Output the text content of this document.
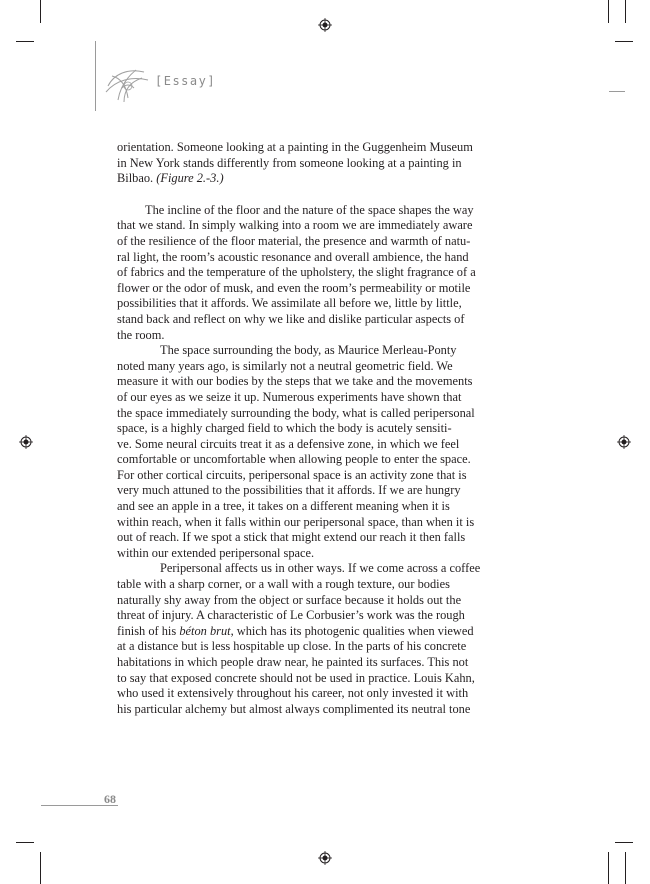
[Essay]
orientation. Someone looking at a painting in the Guggenheim Museum
in New York stands differently from someone looking at a painting in
Bilbao. (Figure 2.-3.)
The incline of the floor and the nature of the space shapes the way
that we stand. In simply walking into a room we are immediately aware
of the resilience of the floor material, the presence and warmth of natu-
ral light, the room’s acoustic resonance and overall ambience, the hand
of fabrics and the temperature of the upholstery, the slight fragrance of a
flower or the odor of musk, and even the room’s permeability or motile
possibilities that it affords. We assimilate all before we, little by little,
stand back and reflect on why we like and dislike particular aspects of
the room.
The space surrounding the body, as Maurice Merleau-Ponty
noted many years ago, is similarly not a neutral geometric field. We
measure it with our bodies by the steps that we take and the movements
of our eyes as we seize it up. Numerous experiments have shown that
the space immediately surrounding the body, what is called peripersonal
space, is a highly charged field to which the body is acutely sensiti-
ve. Some neural circuits treat it as a defensive zone, in which we feel
comfortable or uncomfortable when allowing people to enter the space.
For other cortical circuits, peripersonal space is an activity zone that is
very much attuned to the possibilities that it affords. If we are hungry
and see an apple in a tree, it takes on a different meaning when it is
within reach, when it falls within our peripersonal space, than when it is
out of reach. If we spot a stick that might extend our reach it then falls
within our extended peripersonal space.
Peripersonal affects us in other ways. If we come across a coffee
table with a sharp corner, or a wall with a rough texture, our bodies
naturally shy away from the object or surface because it holds out the
threat of injury. A characteristic of Le Corbusier’s work was the rough
finish of his béton brut, which has its photogenic qualities when viewed
at a distance but is less hospitable up close. In the parts of his concrete
habitations in which people draw near, he painted its surfaces. This not
to say that exposed concrete should not be used in practice. Louis Kahn,
who used it extensively throughout his career, not only invested it with
his particular alchemy but almost always complimented its neutral tone
68
